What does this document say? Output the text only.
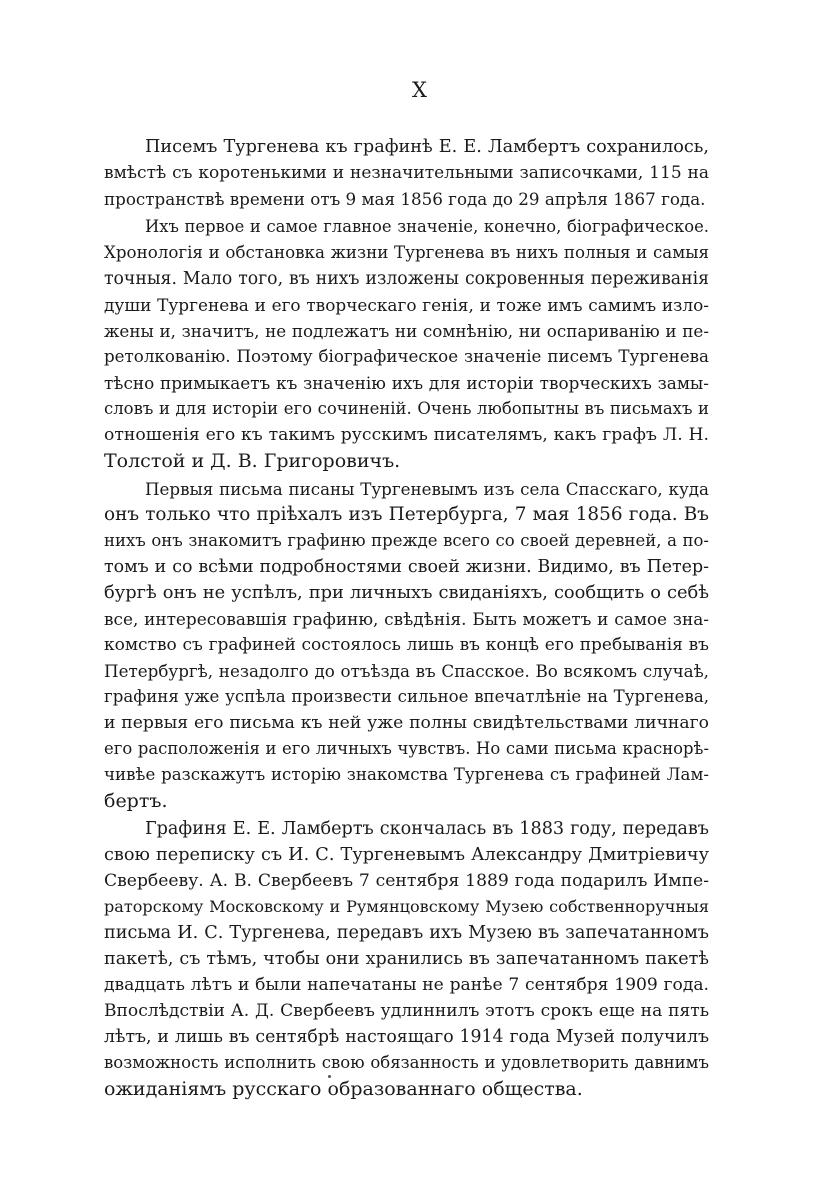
X
Писемъ Тургенева къ графинѣ Е. Е. Ламбертъ сохранилось,
вмѣстѣ съ коротенькими и незначительными записочками, 115 на
пространствѣ времени отъ 9 мая 1856 года до 29 апрѣля 1867 года.
Ихъ первое и самое главное значеніе, конечно, біографическое.
Хронологія и обстановка жизни Тургенева въ нихъ полныя и самыя
точныя. Мало того, въ нихъ изложены сокровенныя переживанія
души Тургенева и его творческаго генія, и тоже имъ самимъ изло-
жены и, значитъ, не подлежатъ ни сомнѣнію, ни оспариванію и пе-
ретолкованію. Поэтому біографическое значеніе писемъ Тургенева
тѣсно примыкаетъ къ значенію ихъ для исторіи творческихъ замы-
словъ и для исторіи его сочиненій. Очень любопытны въ письмахъ и
отношенія его къ такимъ русскимъ писателямъ, какъ графъ Л. Н.
Толстой и Д. В. Григоровичъ.
Первыя письма писаны Тургеневымъ изъ села Спасскаго, куда
онъ только что пріѣхалъ изъ Петербурга, 7 мая 1856 года. Въ
нихъ онъ знакомитъ графиню прежде всего со своей деревней, а по-
томъ и со всѣми подробностями своей жизни. Видимо, въ Петер-
бургѣ онъ не успѣлъ, при личныхъ свиданіяхъ, сообщить о себѣ
все, интересовавшія графиню, свѣдѣнія. Быть можетъ и самое зна-
комство съ графиней состоялось лишь въ концѣ его пребыванія въ
Петербургѣ, незадолго до отъѣзда въ Спасское. Во всякомъ случаѣ,
графиня уже успѣла произвести сильное впечатлѣніе на Тургенева,
и первыя его письма къ ней уже полны свидѣтельствами личнаго
его расположенія и его личныхъ чувствъ. Но сами письма краснорѣ-
чивѣе разскажутъ исторію знакомства Тургенева съ графиней Лам-
бертъ.
Графиня Е. Е. Ламбертъ скончалась въ 1883 году, передавъ
свою переписку съ И. С. Тургеневымъ Александру Дмитріевичу
Свербееву. А. В. Свербеевъ 7 сентября 1889 года подарилъ Импе-
раторскому Московскому и Румянцовскому Музею собственноручныя
письма И. С. Тургенева, передавъ ихъ Музею въ запечатанномъ
пакетѣ, съ тѣмъ, чтобы они хранились въ запечатанномъ пакетѣ
двадцать лѣтъ и были напечатаны не ранѣе 7 сентября 1909 года.
Впослѣдствіи А. Д. Свербеевъ удлиннилъ этотъ срокъ еще на пять
лѣтъ, и лишь въ сентябрѣ настоящаго 1914 года Музей получилъ
возможность исполнить свою обязанность и удовлетворить давнимъ
ожиданіямъ русскаго образованнаго общества.
